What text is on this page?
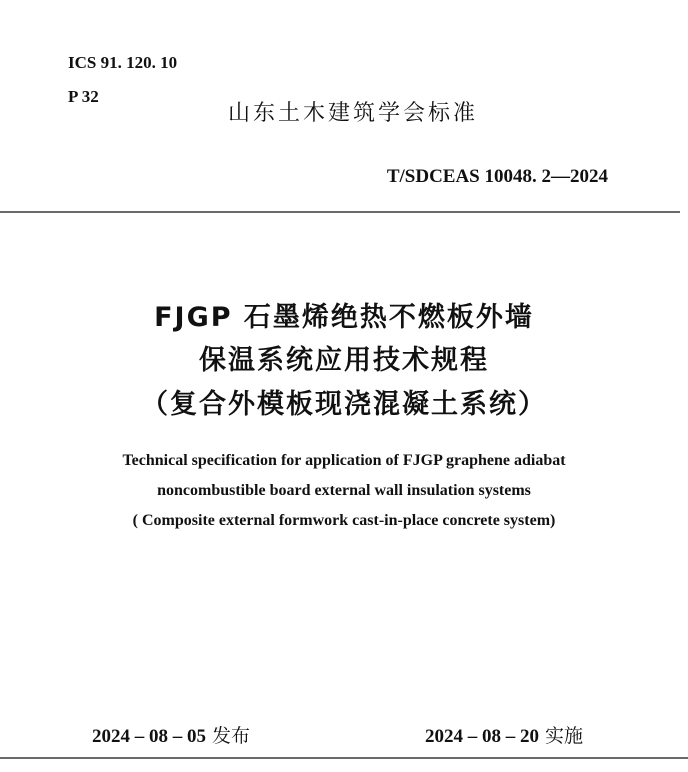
ICS 91. 120. 10
P 32
山东土木建筑学会标准
T/SDCEAS 10048. 2—2024
FJGP 石墨烯绝热不燃板外墙
保温系统应用技术规程
（复合外模板现浇混凝土系统）
Technical specification for application of FJGP graphene adiabat
noncombustible board external wall insulation systems
( Composite external formwork cast-in-place concrete system)
2024 – 08 – 05 发布	2024 – 08 – 20 实施
